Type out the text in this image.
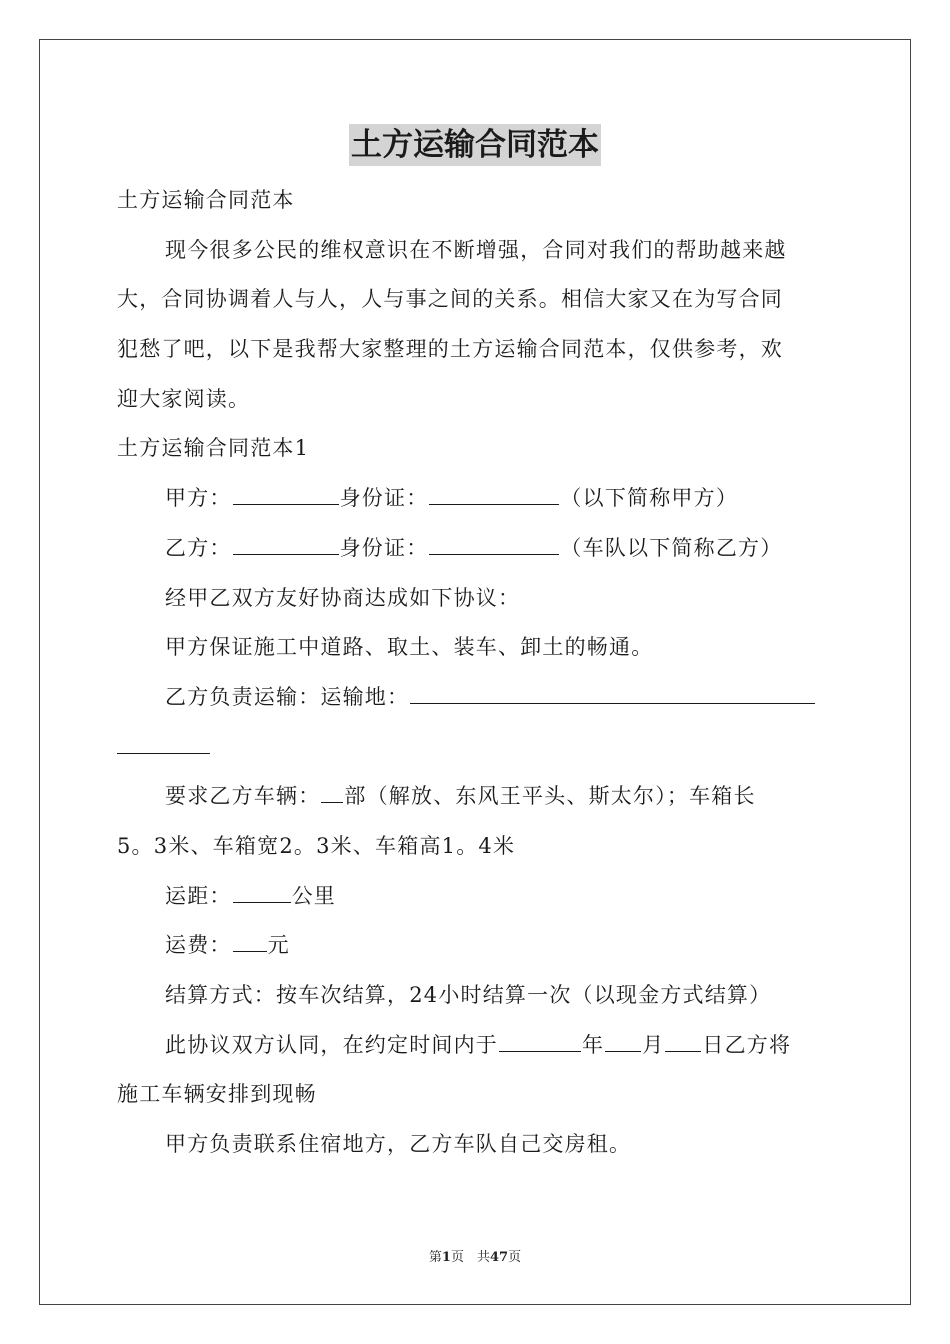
土方运输合同范本
土方运输合同范本
现今很多公民的维权意识在不断增强，合同对我们的帮助越来越
大，合同协调着人与人，人与事之间的关系。相信大家又在为写合同
犯愁了吧，以下是我帮大家整理的土方运输合同范本，仅供参考，欢
迎大家阅读。
土方运输合同范本1
甲方：	身份证：	（以下简称甲方）
乙方：	身份证：	（车队以下简称乙方）
经甲乙双方友好协商达成如下协议：
甲方保证施工中道路、取土、装车、卸土的畅通。
乙方负责运输：运输地：
要求乙方车辆： 部（解放、东风王平头、斯太尔）；车箱长
5。3米、车箱宽2。3米、车箱高1。4米
运距：	公里
运费： 元
结算方式：按车次结算，24小时结算一次（以现金方式结算）
此协议双方认同，在约定时间内于	年 月 日乙方将
施工车辆安排到现畅
甲方负责联系住宿地方，乙方车队自己交房租。
第1页　共47页
